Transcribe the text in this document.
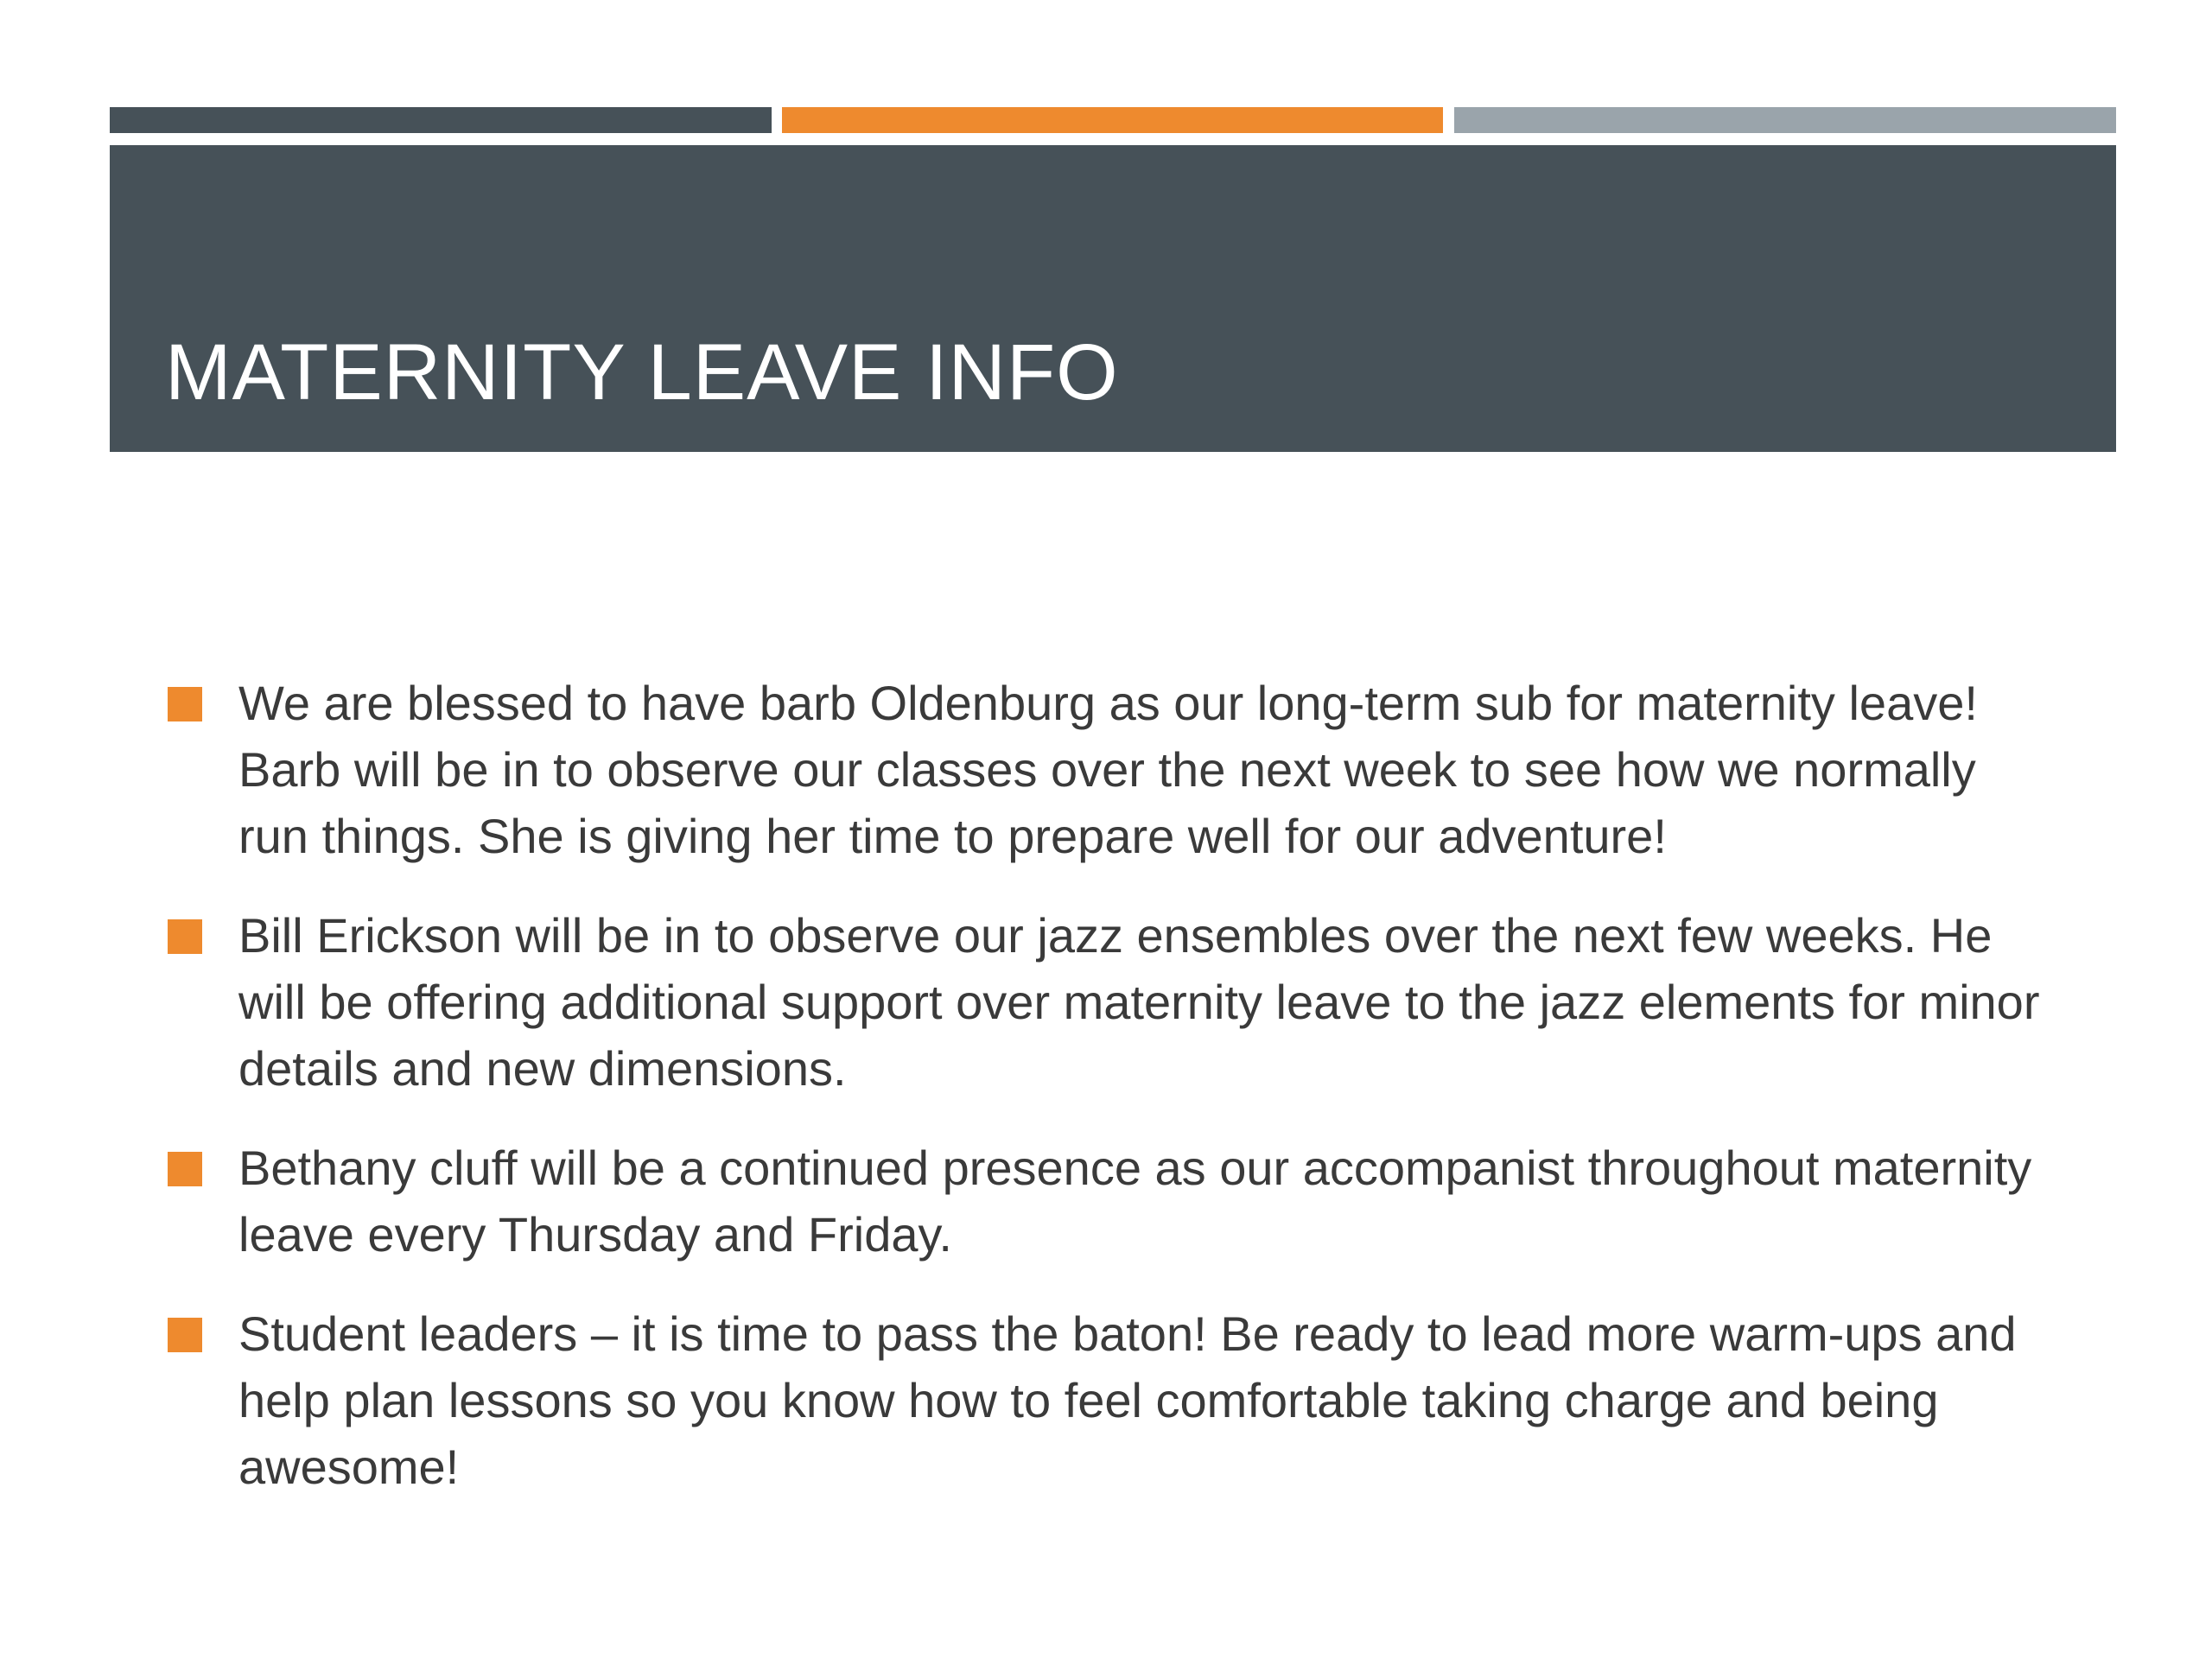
MATERNITY LEAVE INFO
We are blessed to have barb Oldenburg as our long-term sub for maternity leave! Barb will be in to observe our classes over the next week to see how we normally run things. She is giving her time to prepare well for our adventure!
Bill Erickson will be in to observe our jazz ensembles over the next few weeks. He will be offering additional support over maternity leave to the jazz elements for minor details and new dimensions.
Bethany cluff will be a continued presence as our accompanist throughout maternity leave every Thursday and Friday.
Student leaders – it is time to pass the baton! Be ready to lead more warm-ups and help plan lessons so you know how to feel comfortable taking charge and being awesome!
